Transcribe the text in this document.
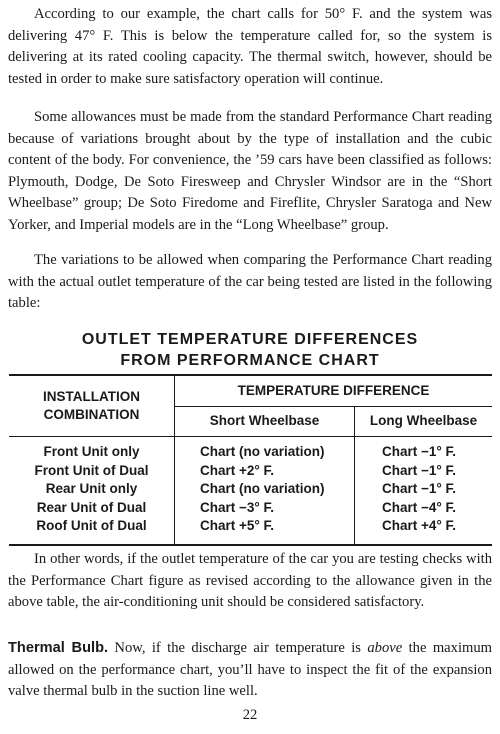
According to our example, the chart calls for 50° F. and the system was delivering 47° F. This is below the temperature called for, so the system is delivering at its rated cooling capacity. The thermal switch, however, should be tested in order to make sure satisfactory operation will continue.

Some allowances must be made from the standard Performance Chart reading because of variations brought about by the type of installation and the cubic content of the body. For convenience, the ’59 cars have been classified as follows: Plymouth, Dodge, De Soto Firesweep and Chrysler Windsor are in the “Short Wheelbase” group; De Soto Firedome and Fireflite, Chrysler Saratoga and New Yorker, and Imperial models are in the “Long Wheelbase” group.

The variations to be allowed when comparing the Performance Chart reading with the actual outlet temperature of the car being tested are listed in the following table:

OUTLET TEMPERATURE DIFFERENCES
FROM PERFORMANCE CHART
INSTALLATION
COMBINATION	TEMPERATURE DIFFERENCE	
	Short Wheelbase	Long Wheelbase
Front Unit only	Chart (no variation)	Chart −1° F.
Front Unit of Dual	Chart +2° F.	Chart −1° F.
Rear Unit only	Chart (no variation)	Chart −1° F.
Rear Unit of Dual	Chart −3° F.	Chart −4° F.
Roof Unit of Dual	Chart +5° F.	Chart +4° F.

In other words, if the outlet temperature of the car you are testing checks with the Performance Chart figure as revised according to the allowance given in the above table, the air-conditioning unit should be considered satisfactory.

Thermal Bulb. Now, if the discharge air temperature is above the maximum allowed on the performance chart, you’ll have to inspect the fit of the expansion valve thermal bulb in the suction line well.

22
